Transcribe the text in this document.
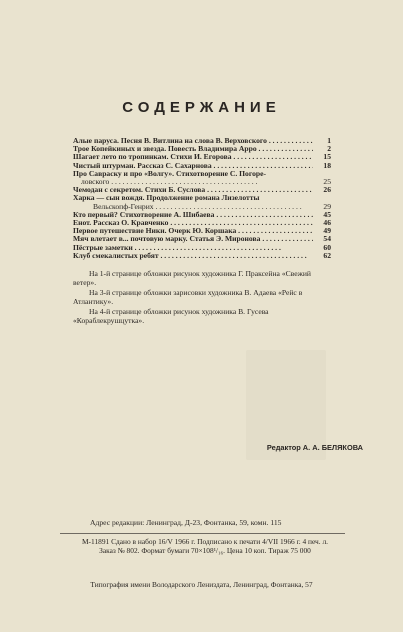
СОДЕРЖАНИЕ
Алые паруса. Песня В. Витлина на слова В. Верховского . . .	1
Трое Копейкиных и звезда. Повесть Владимира Арро . . .	2
Шагает лето по тропинкам. Стихи И. Егорова . . .	15
Чистый штурман. Рассказ С. Сахарнова . . .	18
Про Савраску и про «Волгу». Стихотворение С. Погоре-
ловского . . .	25
Чемодан с секретом. Стихи Б. Суслова . . .	26
Харка — сын вождя. Продолжение романа Лизелотты
Вельскопф-Генрих . . .	29
Кто первый? Стихотворение А. Шибаева . . .	45
Енот. Рассказ О. Кравченко . . .	46
Первое путешествие Ники. Очерк Ю. Коршака . . .	49
Мяч влетает в... почтовую марку. Статья Э. Миронова . . .	54
Пёстрые заметки . . .	60
Клуб смекалистых ребят . . .	62

На 1-й странице обложки рисунок художника Г. Праксейна «Свежий ветер».

На 3-й странице обложки зарисовки художника В. Адаева «Рейс в Атлантику».

На 4-й странице обложки рисунок художника В. Гусева «Кораблекрушцутка».

Редактор А. А. БЕЛЯКОВА
Адрес редакции: Ленинград, Д-23, Фонтанка, 59, комн. 115
М-11891 Сдано в набор 16/V 1966 г. Подписано к печати 4/VII 1966 г. 4 печ. л.
Заказ № 802. Формат бумаги 70×108¹/₁₆. Цена 10 коп. Тираж 75 000
Типография имени Володарского Лениздата, Ленинград, Фонтанка, 57
